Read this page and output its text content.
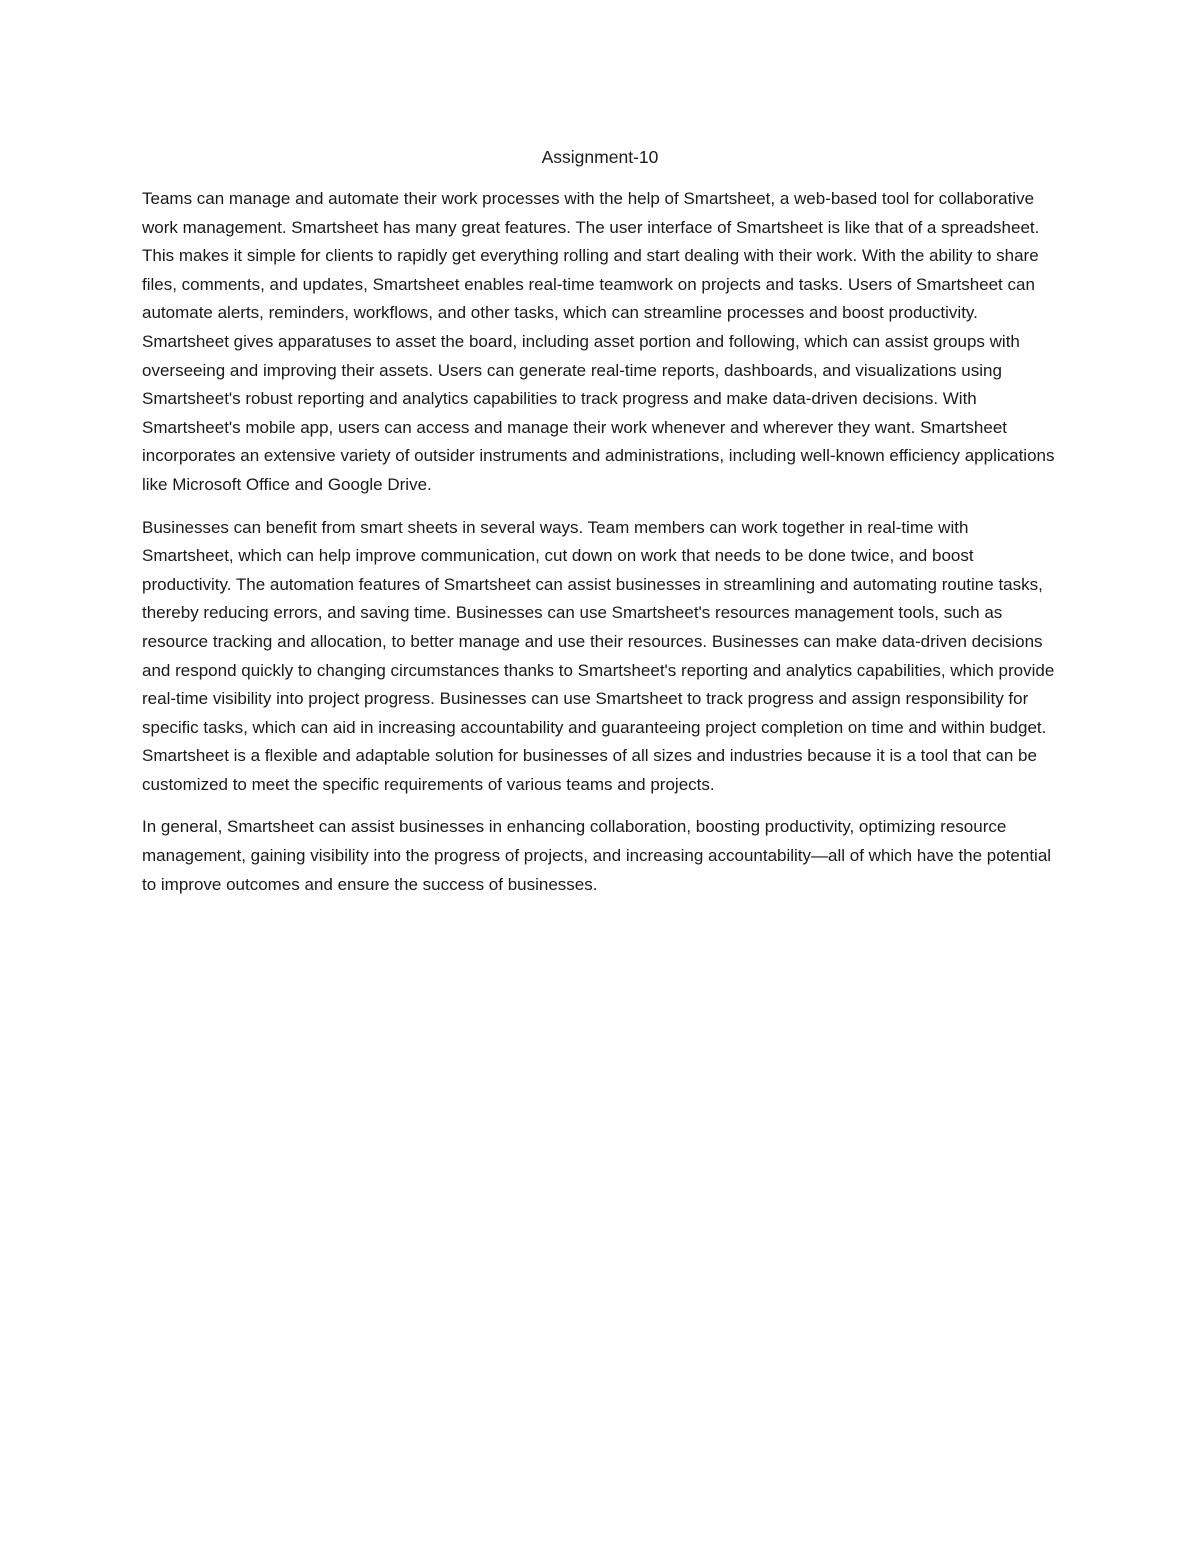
Assignment-10

Teams can manage and automate their work processes with the help of Smartsheet, a web-based tool for collaborative work management. Smartsheet has many great features. The user interface of Smartsheet is like that of a spreadsheet. This makes it simple for clients to rapidly get everything rolling and start dealing with their work. With the ability to share files, comments, and updates, Smartsheet enables real-time teamwork on projects and tasks. Users of Smartsheet can automate alerts, reminders, workflows, and other tasks, which can streamline processes and boost productivity. Smartsheet gives apparatuses to asset the board, including asset portion and following, which can assist groups with overseeing and improving their assets. Users can generate real-time reports, dashboards, and visualizations using Smartsheet's robust reporting and analytics capabilities to track progress and make data-driven decisions. With Smartsheet's mobile app, users can access and manage their work whenever and wherever they want. Smartsheet incorporates an extensive variety of outsider instruments and administrations, including well-known efficiency applications like Microsoft Office and Google Drive.

Businesses can benefit from smart sheets in several ways. Team members can work together in real-time with Smartsheet, which can help improve communication, cut down on work that needs to be done twice, and boost productivity. The automation features of Smartsheet can assist businesses in streamlining and automating routine tasks, thereby reducing errors, and saving time. Businesses can use Smartsheet's resources management tools, such as resource tracking and allocation, to better manage and use their resources. Businesses can make data-driven decisions and respond quickly to changing circumstances thanks to Smartsheet's reporting and analytics capabilities, which provide real-time visibility into project progress. Businesses can use Smartsheet to track progress and assign responsibility for specific tasks, which can aid in increasing accountability and guaranteeing project completion on time and within budget. Smartsheet is a flexible and adaptable solution for businesses of all sizes and industries because it is a tool that can be customized to meet the specific requirements of various teams and projects.

In general, Smartsheet can assist businesses in enhancing collaboration, boosting productivity, optimizing resource management, gaining visibility into the progress of projects, and increasing accountability—all of which have the potential to improve outcomes and ensure the success of businesses.
